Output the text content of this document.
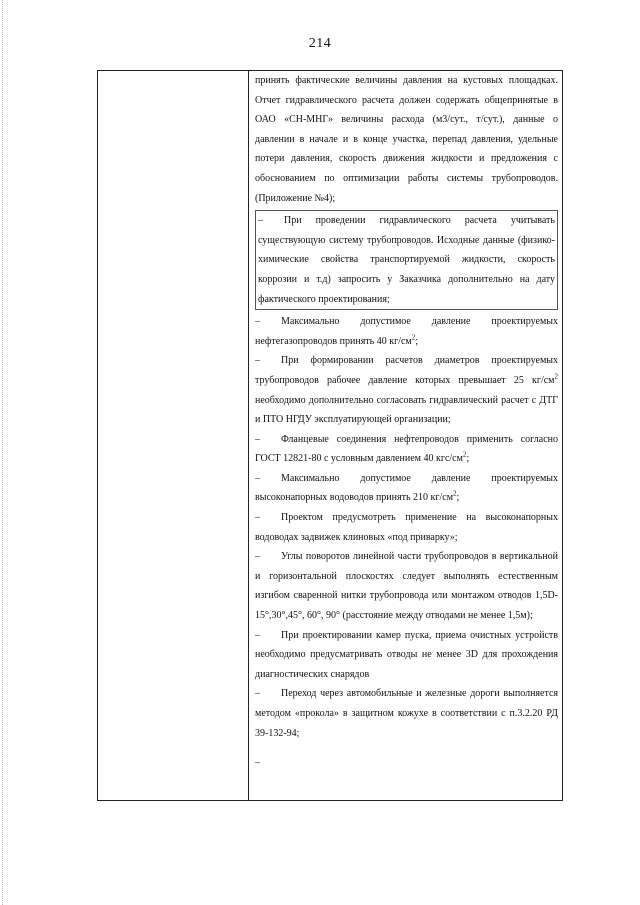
214

принять фактические величины давления на кустовых площадках. Отчет гидравлического расчета должен содержать общепринятые в ОАО «СН-МНГ» величины расхода (м3/сут., т/сут.), данные о давлении в начале и в конце участка, перепад давления, удельные потери давления, скорость движения жидкости и предложения с обоснованием по оптимизации работы системы трубопроводов. (Приложение №4);

– При проведении гидравлического расчета учитывать существующую систему трубопроводов. Исходные данные (физико-химические свойства транспортируемой жидкости, скорость коррозии и т.д) запросить у Заказчика дополнительно на дату фактического проектирования;

– Максимально допустимое давление проектируемых нефтегазопроводов принять 40 $кг/см^2$;

– При формировании расчетов диаметров проектируемых трубопроводов рабочее давление которых превышает 25 $кг/см^2$ необходимо дополнительно согласовать гидравлический расчет с ДТГ и ПТО НГДУ эксплуатирующей организации;

– Фланцевые соединения нефтепроводов применить согласно ГОСТ 12821-80 с условным давлением 40 кгс/$см^2$;

– Максимально допустимое давление проектируемых высоконапорных водоводов принять 210 $кг/см^2$;

– Проектом предусмотреть применение на высоконапорных водоводах задвижек клиновых «под приварку»;

– Углы поворотов линейной части трубопроводов в вертикальной и горизонтальной плоскостях следует выполнять естественным изгибом сваренной нитки трубопровода или монтажом отводов 1,5D-15°,30°,45°, 60°, 90° (расстояние между отводами не менее 1,5м);

– При проектировании камер пуска, приема очистных устройств необходимо предусматривать отводы не менее 3D для прохождения диагностических снарядов

– Переход через автомобильные и железные дороги выполняется методом «прокола» в защитном кожухе в соответствии с п.3.2.20 РД 39-132-94;

–
